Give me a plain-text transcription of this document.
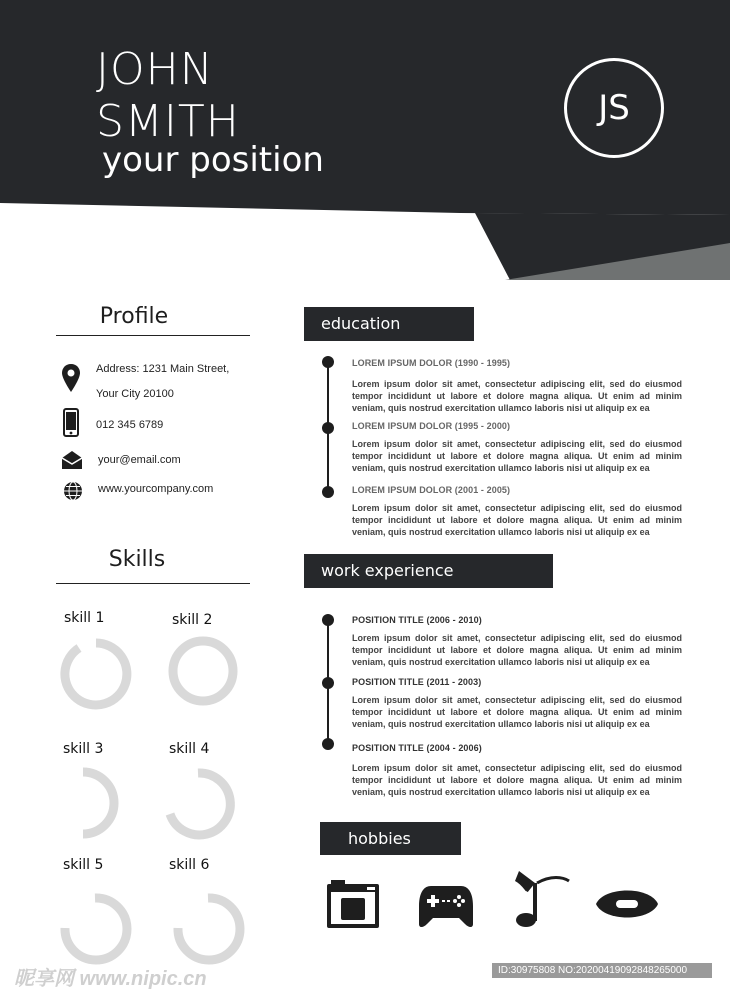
JOHN
SMITH
your position
JS
Profile
Address: 1231 Main Street,
Your City 20100
012 345 6789
your@email.com
www.yourcompany.com
Skills
skill 1	skill 2
skill 3	skill 4
skill 5	skill 6
education
LOREM IPSUM DOLOR (1990 - 1995)
Lorem ipsum dolor sit amet, consectetur adipiscing elit, sed do eiusmod tempor incididunt ut labore et dolore magna aliqua. Ut enim ad minim veniam, quis nostrud exercitation ullamco laboris nisi ut aliquip ex ea
LOREM IPSUM DOLOR (1995 - 2000)
Lorem ipsum dolor sit amet, consectetur adipiscing elit, sed do eiusmod tempor incididunt ut labore et dolore magna aliqua. Ut enim ad minim veniam, quis nostrud exercitation ullamco laboris nisi ut aliquip ex ea
LOREM IPSUM DOLOR (2001 - 2005)
Lorem ipsum dolor sit amet, consectetur adipiscing elit, sed do eiusmod tempor incididunt ut labore et dolore magna aliqua. Ut enim ad minim veniam, quis nostrud exercitation ullamco laboris nisi ut aliquip ex ea
work experience
POSITION TITLE (2006 - 2010)
Lorem ipsum dolor sit amet, consectetur adipiscing elit, sed do eiusmod tempor incididunt ut labore et dolore magna aliqua. Ut enim ad minim veniam, quis nostrud exercitation ullamco laboris nisi ut aliquip ex ea
POSITION TITLE (2011 - 2003)
Lorem ipsum dolor sit amet, consectetur adipiscing elit, sed do eiusmod tempor incididunt ut labore et dolore magna aliqua. Ut enim ad minim veniam, quis nostrud exercitation ullamco laboris nisi ut aliquip ex ea
POSITION TITLE (2004 - 2006)
Lorem ipsum dolor sit amet, consectetur adipiscing elit, sed do eiusmod tempor incididunt ut labore et dolore magna aliqua. Ut enim ad minim veniam, quis nostrud exercitation ullamco laboris nisi ut aliquip ex ea
hobbies
昵享网 www.nipic.cn	ID:30975808 NO:20200419092848265000
